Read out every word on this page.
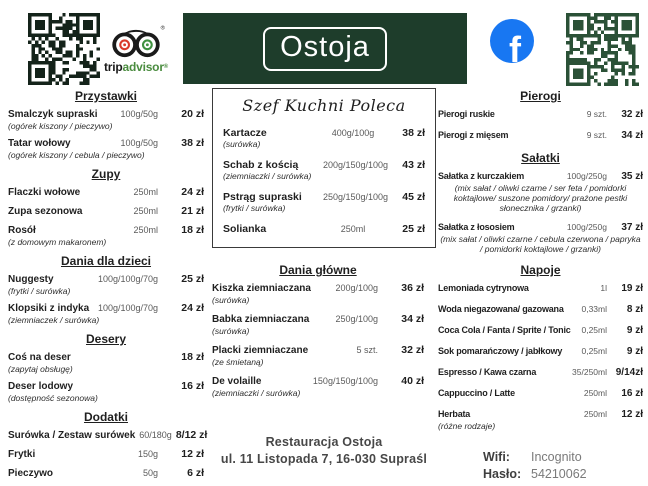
®
tripadvisor®
Ostoja	f
Przystawki
Smalczyk supraski	100g/50g	20 zł
(ogórek kiszony / pieczywo)
Tatar wołowy	100g/50g	38 zł
(ogórek kiszony / cebula / pieczywo)
Zupy
Flaczki wołowe	250ml	24 zł
Zupa sezonowa	250ml	21 zł
Rosół	250ml	18 zł
(z domowym makaronem)
Dania dla dzieci
Nuggesty	100g/100g/70g	25 zł
(frytki / surówka)
Klopsiki z indyka 100g/100g/70g	24 zł
(ziemniaczek / surówka)
Desery
Coś na deser	18 zł
(zapytaj obsługę)
Deser lodowy	16 zł
(dostępność sezonowa)
Dodatki
Surówka / Zestaw surówek 60/180g 8/12 zł
Frytki	150g	12 zł
Pieczywo	50g	6 zł
Szef Kuchni Poleca
Kartacze	400g/100g	38 zł
(surówka)
Schab z kością	200g/150g/100g	43 zł
(ziemniaczki / surówka)
Pstrąg supraski	250g/150g/100g	45 zł
(frytki / surówka)
Solianka	250ml	25 zł
Dania główne
Kiszka ziemniaczana	200g/100g	36 zł
(surówka)
Babka ziemniaczana	250g/100g	34 zł
(surówka)
Placki ziemniaczane	5 szt.	32 zł
(ze śmietaną)
De volaille	150g/150g/100g	40 zł
(ziemniaczki / surówka)
Restauracja Ostoja
ul. 11 Listopada 7, 16-030 Supraśl
Pierogi
Pierogi ruskie	9 szt.	32 zł
Pierogi z mięsem	9 szt.	34 zł
Sałatki
Sałatka z kurczakiem	100g/250g	35 zł
(mix sałat / oliwki czarne / ser feta / pomidorki koktajlowe/ suszone pomidory/ prażone pestki słonecznika / grzanki)
Sałatka z łososiem	100g/250g	37 zł
(mix sałat / oliwki czarne / cebula czerwona / papryka / pomidorki koktajlowe / grzanki)
Napoje
Lemoniada cytrynowa	1l	19 zł
Woda niegazowana/ gazowana	0,33ml	8 zł
Coca Cola / Fanta / Sprite / Tonic	0,25ml	9 zł
Sok pomarańczowy / jabłkowy	0,25ml	9 zł
Espresso / Kawa czarna	35/250ml 9/14zł
Cappuccino / Latte	250ml	16 zł
Herbata	250ml	12 zł
(różne rodzaje)
Wifi:	Incognito
Hasło: 54210062
